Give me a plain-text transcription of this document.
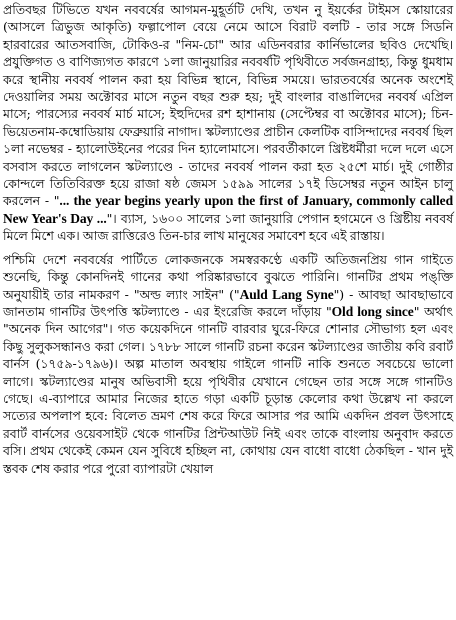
প্রতিবছর টিভিতে যখন নববর্ষের আগমন-মুহূর্তটি দেখি, তখন নু ইয়র্কের টাইমস স্কোয়ারের (আসলে ত্রিভুজ আকৃতি) ফল্গাপোল বেয়ে নেমে আসে বিরাট বলটি - তার সঙ্গে সিডনি হারবারের আতসবাজি, টোকিও-র "নিম-চো" আর এডিনবরার কার্নিভালের ছবিও দেখেছি। প্রযুক্তিগত ও বাণিজ্যগত কারণে ১লা জানুয়ারির নববর্ষটি পৃথিবীতে সর্বজনগ্রাহ্য, কিন্তু ধুমধাম করে স্থানীয় নববর্ষ পালন করা হয় বিভিন্ন স্থানে, বিভিন্ন সময়ে। ভারতবর্ষের অনেক অংশেই দেওয়ালির সময় অক্টোবর মাসে নতুন বছর শুরু হয়; দুই বাংলার বাঙালিদের নববর্ষ এপ্রিল মাসে; পারস্যের নববর্ষ মার্চ মাসে; ইহুদিদের রশ হাশানায় (সেপ্টেম্বর বা অক্টোবর মাসে); চিন-ভিয়েতনাম-কম্বোডিয়ায় ফেব্রুয়ারি নাগাদ। স্কটল্যাণ্ডের প্রাচীন কেলটিক বাসিন্দাদের নববর্ষ ছিল ১লা নভেম্বর - হ্যালোউইনের পরের দিন হ্যালোমাসে। পরবর্তীকালে খ্রিষ্টধর্মীরা দলে দলে এসে বসবাস করতে লাগলেন স্কটল্যাণ্ডে - তাদের নববর্ষ পালন করা হত ২৫শে মার্চ। দুই গোষ্ঠীর কোন্দলে তিতিবিরক্ত হয়ে রাজা ষষ্ঠ জেমস ১৫৯৯ সালের ১৭ই ডিসেম্বর নতুন আইন চালু করলেন - "... the year begins yearly upon the first of January, commonly called New Year's Day ..."। ব্যাস, ১৬০০ সালের ১লা জানুয়ারি পেগান হগমেনে ও খ্রিষ্টীয় নববর্ষ মিলে মিশে এক। আজ রাত্তিরেও তিন-চার লাখ মানুষের সমাবেশ হবে এই রাস্তায়।

পশ্চিমি দেশে নববর্ষের পার্টিতে লোকজনকে সমস্বরকণ্ঠে একটি অতিজনপ্রিয় গান গাইতে শুনেছি, কিন্তু কোনদিনই গানের কথা পরিষ্কারভাবে বুঝতে পারিনি। গানটির প্রথম পঙ্‌ক্তি অনুযায়ীই তার নামকরণ - "অল্ড ল্যাং সাইন" ("Auld Lang Syne") - আবছা আবছাভাবে জানতাম গানটির উৎপত্তি স্কটল্যাণ্ডে - এর ইংরেজি করলে দাঁড়ায় "Old long since" অর্থাৎ "অনেক দিন আগের"। গত কয়েকদিনে গানটি বারবার ঘুরে-ফিরে শোনার সৌভাগ্য হল এবং কিছু সুলুকসন্ধানও করা গেল। ১৭৮৮ সালে গানটি রচনা করেন স্কটল্যাণ্ডের জাতীয় কবি রবার্ট বার্নস (১৭৫৯-১৭৯৬)। অল্প মাতাল অবস্থায় গাইলে গানটি নাকি শুনতে সবচেয়ে ভালো লাগে। স্কটল্যাণ্ডের মানুষ অভিবাসী হয়ে পৃথিবীর যেখানে গেছেন তার সঙ্গে সঙ্গে গানটিও গেছে। এ-ব্যাপারে আমার নিজের হাতে গড়া একটি চূড়ান্ত কেলোর কথা উল্লেখ না করলে সত্যের অপলাপ হবে: বিলেত ভ্রমণ শেষ করে ফিরে আসার পর আমি একদিন প্রবল উৎসাহে রবার্ট বার্নসের ওয়েবসাইট থেকে গানটির প্রিন্টআউট নিই এবং তাকে বাংলায় অনুবাদ করতে বসি। প্রথম থেকেই কেমন যেন সুবিধে হচ্ছিল না, কোথায় যেন বাধো বাধো ঠেকছিল - খান দুই স্তবক শেষ করার পরে পুরো ব্যাপারটা খেয়াল
